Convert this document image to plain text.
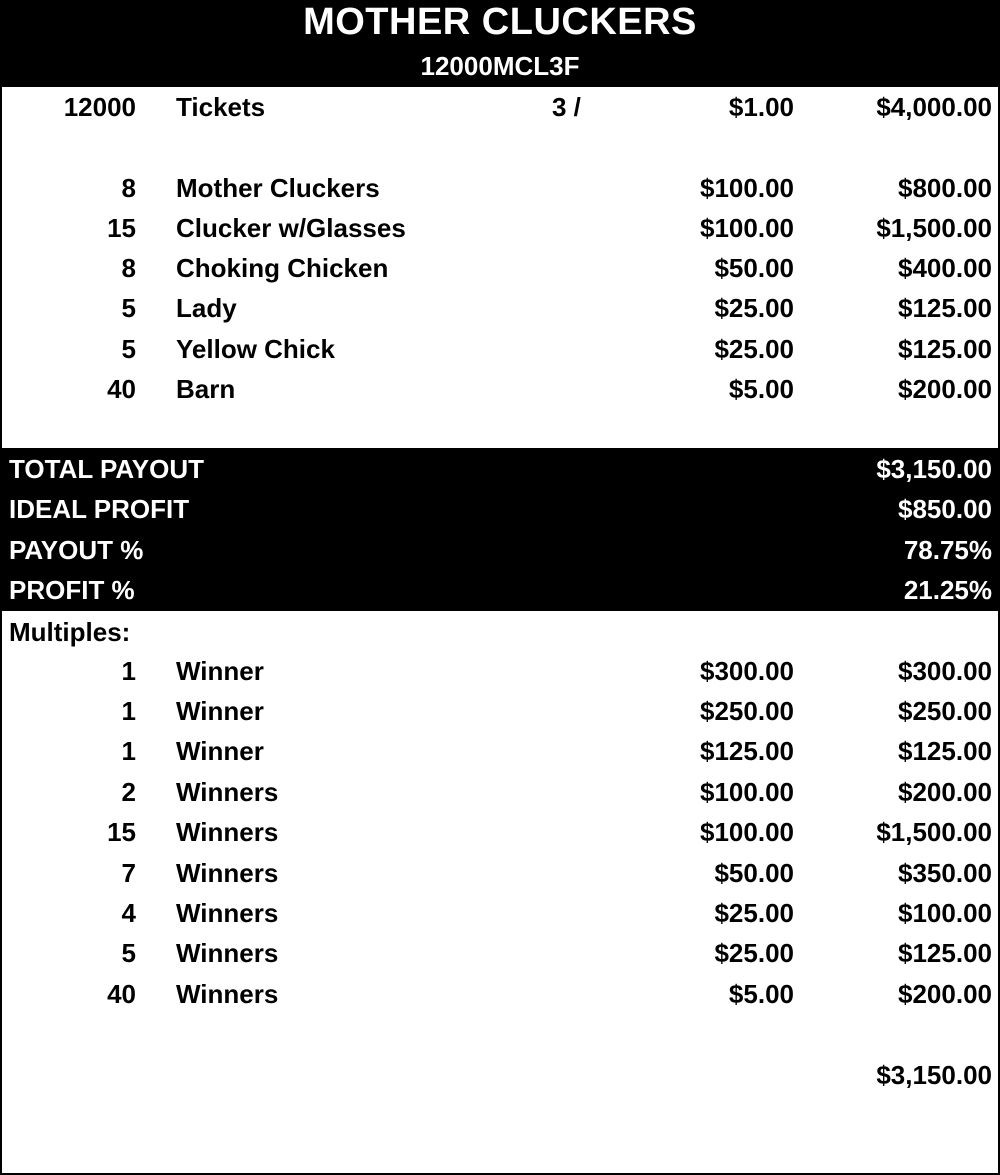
MOTHER CLUCKERS
12000MCL3F
12000 Tickets	3 /	$1.00	$4,000.00
8 Mother Cluckers	$100.00	$800.00
15 Clucker w/Glasses	$100.00	$1,500.00
8 Choking Chicken	$50.00	$400.00
5 Lady	$25.00	$125.00
5 Yellow Chick	$25.00	$125.00
40 Barn	$5.00	$200.00
TOTAL PAYOUT	$3,150.00
IDEAL PROFIT	$850.00
PAYOUT %	78.75%
PROFIT %	21.25%
Multiples:
1 Winner	$300.00	$300.00
1 Winner	$250.00	$250.00
1 Winner	$125.00	$125.00
2 Winners	$100.00	$200.00
15 Winners	$100.00	$1,500.00
7 Winners	$50.00	$350.00
4 Winners	$25.00	$100.00
5 Winners	$25.00	$125.00
40 Winners	$5.00	$200.00
$3,150.00
